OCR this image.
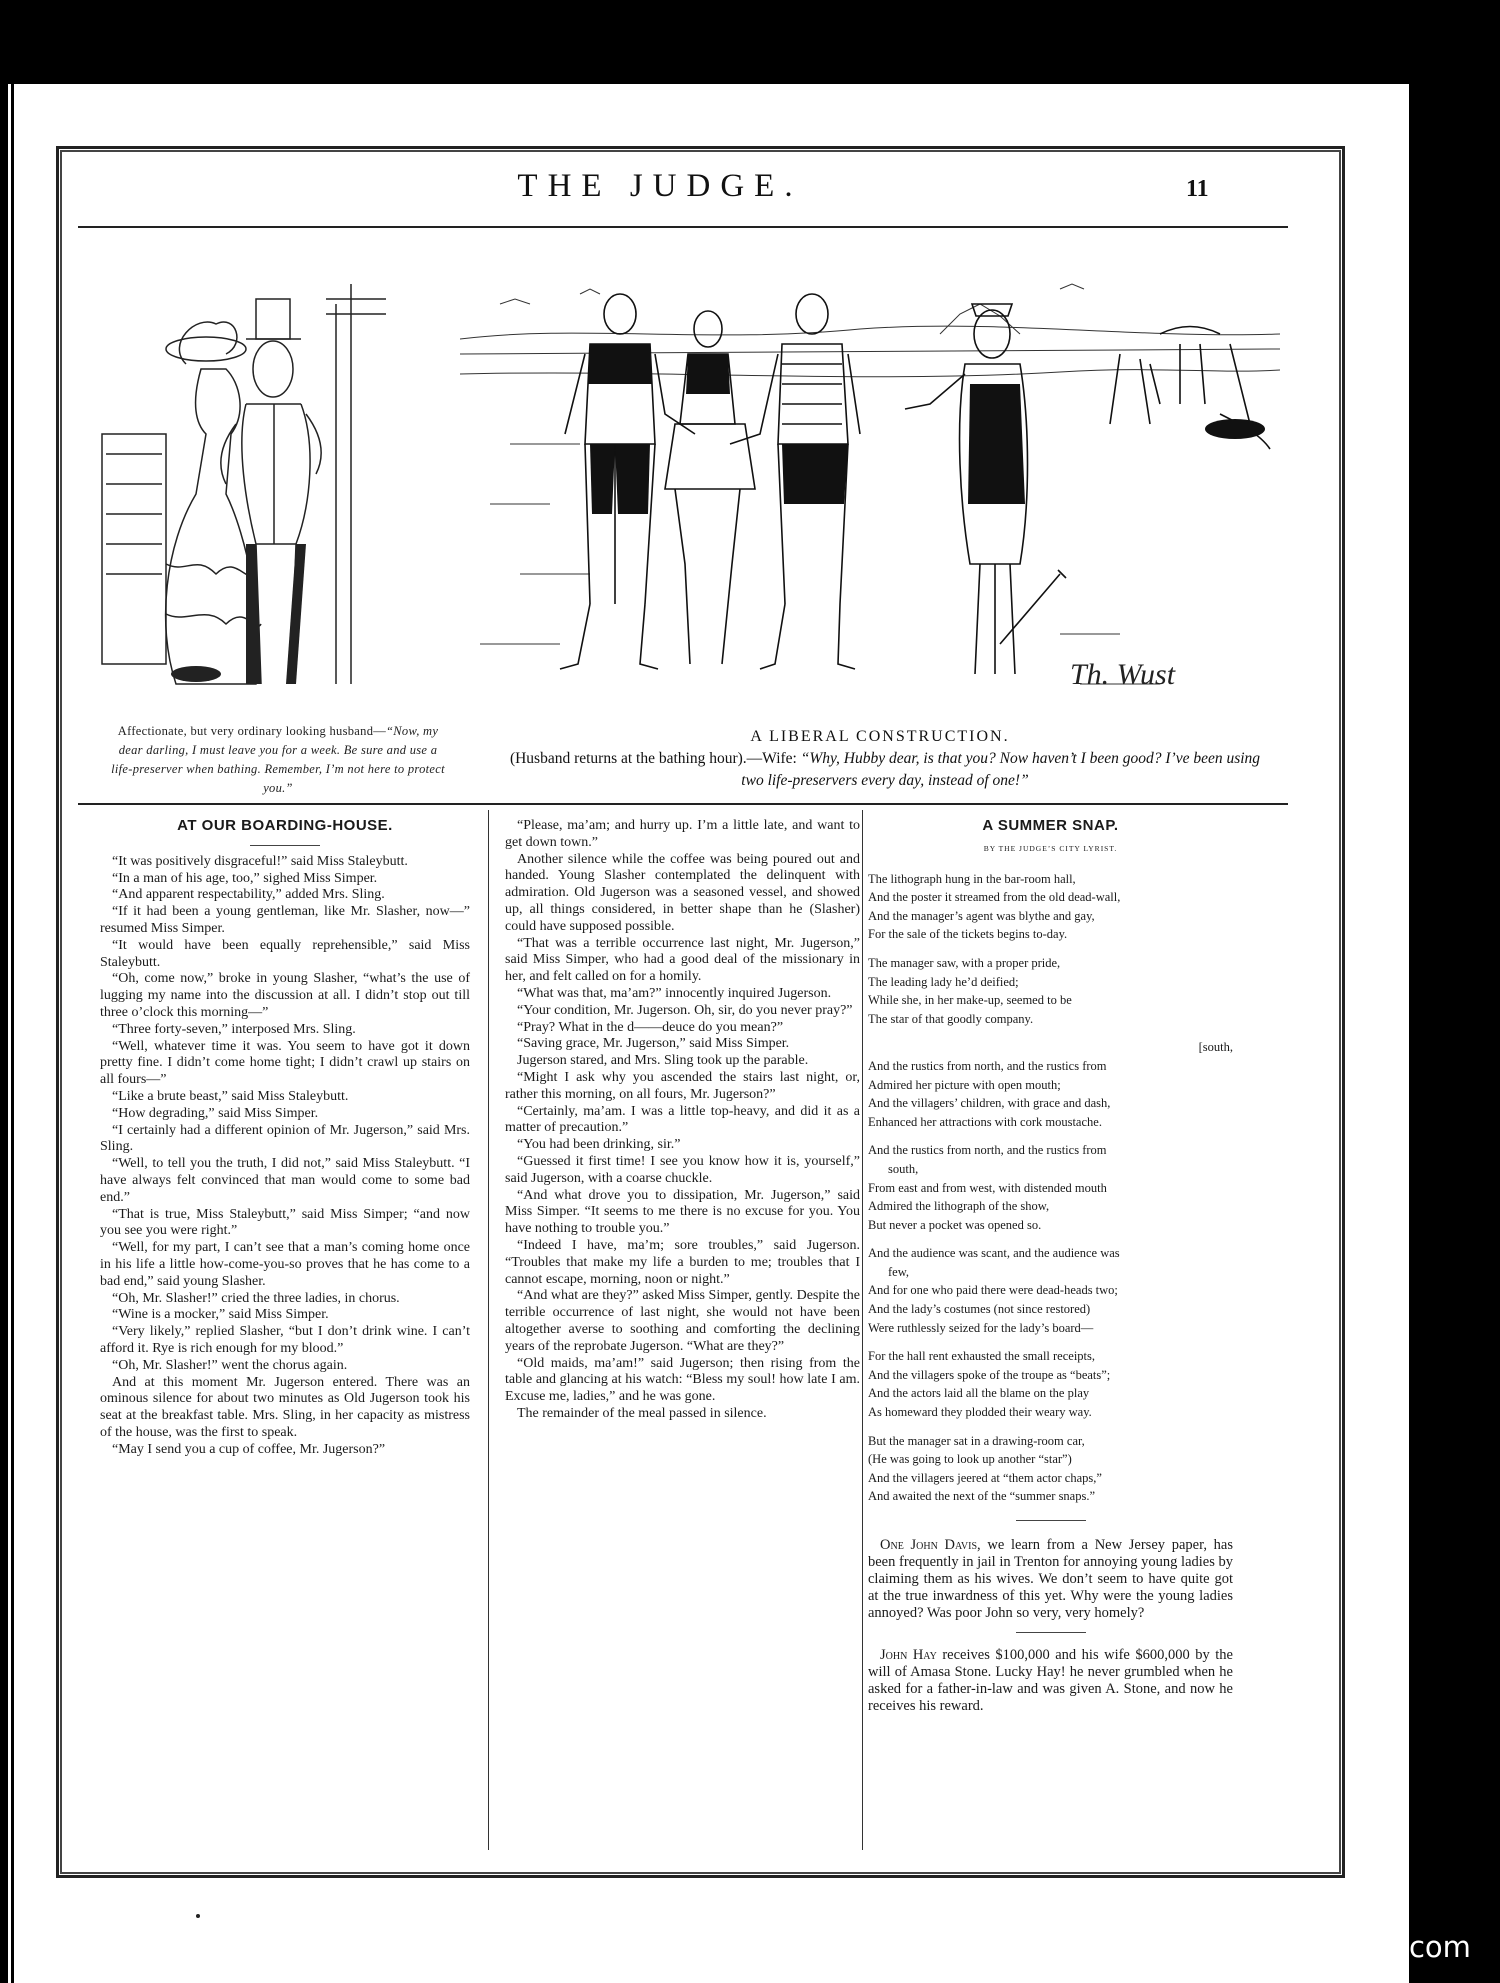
THE JUDGE.	11
Th. Wust
Affectionate, but very ordinary looking husband—“Now, my dear darling, I must leave you for a week. Be sure and use a life-preserver when bathing. Remember, I’m not here to protect you.”
A LIBERAL CONSTRUCTION.
(Husband returns at the bathing hour).—Wife: “Why, Hubby dear, is that you? Now haven’t I been good? I’ve been using two life-preservers every day, instead of one!”
AT OUR BOARDING-HOUSE.

“It was positively disgraceful!” said Miss Staleybutt.

“In a man of his age, too,” sighed Miss Simper.

“And apparent respectability,” added Mrs. Sling.

“If it had been a young gentleman, like Mr. Slasher, now—” resumed Miss Simper.

“It would have been equally reprehensible,” said Miss Staleybutt.

“Oh, come now,” broke in young Slasher, “what’s the use of lugging my name into the discussion at all. I didn’t stop out till three o’clock this morning—”

“Three forty-seven,” interposed Mrs. Sling.

“Well, whatever time it was. You seem to have got it down pretty fine. I didn’t come home tight; I didn’t crawl up stairs on all fours—”

“Like a brute beast,” said Miss Staleybutt.

“How degrading,” said Miss Simper.

“I certainly had a different opinion of Mr. Jugerson,” said Mrs. Sling.

“Well, to tell you the truth, I did not,” said Miss Staleybutt. “I have always felt convinced that man would come to some bad end.”

“That is true, Miss Staleybutt,” said Miss Simper; “and now you see you were right.”

“Well, for my part, I can’t see that a man’s coming home once in his life a little how-come-you-so proves that he has come to a bad end,” said young Slasher.

“Oh, Mr. Slasher!” cried the three ladies, in chorus.

“Wine is a mocker,” said Miss Simper.

“Very likely,” replied Slasher, “but I don’t drink wine. I can’t afford it. Rye is rich enough for my blood.”

“Oh, Mr. Slasher!” went the chorus again.

And at this moment Mr. Jugerson entered. There was an ominous silence for about two minutes as Old Jugerson took his seat at the breakfast table. Mrs. Sling, in her capacity as mistress of the house, was the first to speak.

“May I send you a cup of coffee, Mr. Jugerson?”

“Please, ma’am; and hurry up. I’m a little late, and want to get down town.”

Another silence while the coffee was being poured out and handed. Young Slasher contemplated the delinquent with admiration. Old Jugerson was a seasoned vessel, and showed up, all things considered, in better shape than he (Slasher) could have supposed possible.

“That was a terrible occurrence last night, Mr. Jugerson,” said Miss Simper, who had a good deal of the missionary in her, and felt called on for a homily.

“What was that, ma’am?” innocently inquired Jugerson.

“Your condition, Mr. Jugerson. Oh, sir, do you never pray?”

“Pray? What in the d——deuce do you mean?”

“Saving grace, Mr. Jugerson,” said Miss Simper.

Jugerson stared, and Mrs. Sling took up the parable.

“Might I ask why you ascended the stairs last night, or, rather this morning, on all fours, Mr. Jugerson?”

“Certainly, ma’am. I was a little top-heavy, and did it as a matter of precaution.”

“You had been drinking, sir.”

“Guessed it first time! I see you know how it is, yourself,” said Jugerson, with a coarse chuckle.

“And what drove you to dissipation, Mr. Jugerson,” said Miss Simper. “It seems to me there is no excuse for you. You have nothing to trouble you.”

“Indeed I have, ma’m; sore troubles,” said Jugerson. “Troubles that make my life a burden to me; troubles that I cannot escape, morning, noon or night.”

“And what are they?” asked Miss Simper, gently. Despite the terrible occurrence of last night, she would not have been altogether averse to soothing and comforting the declining years of the reprobate Jugerson. “What are they?”

“Old maids, ma’am!” said Jugerson; then rising from the table and glancing at his watch: “Bless my soul! how late I am. Excuse me, ladies,” and he was gone.

The remainder of the meal passed in silence.

A SUMMER SNAP.
BY THE JUDGE’S CITY LYRIST.
The lithograph hung in the bar-room hall,
And the poster it streamed from the old dead-wall,
And the manager’s agent was blythe and gay,
For the sale of the tickets begins to-day.
The manager saw, with a proper pride,
The leading lady he’d deified;
While she, in her make-up, seemed to be
The star of that goodly company.
[south,
And the rustics from north, and the rustics from
Admired her picture with open mouth;
And the villagers’ children, with grace and dash,
Enhanced her attractions with cork moustache.
And the rustics from north, and the rustics from
south,
From east and from west, with distended mouth
Admired the lithograph of the show,
But never a pocket was opened so.
And the audience was scant, and the audience was
few,
And for one who paid there were dead-heads two;
And the lady’s costumes (not since restored)
Were ruthlessly seized for the lady’s board—
For the hall rent exhausted the small receipts,
And the villagers spoke of the troupe as “beats”;
And the actors laid all the blame on the play
As homeward they plodded their weary way.
But the manager sat in a drawing-room car,
(He was going to look up another “star”)
And the villagers jeered at “them actor chaps,”
And awaited the next of the “summer snaps.”

One John Davis, we learn from a New Jersey paper, has been frequently in jail in Trenton for annoying young ladies by claiming them as his wives. We don’t seem to have quite got at the true inwardness of this yet. Why were the young ladies annoyed? Was poor John so very, very homely?

John Hay receives $100,000 and his wife $600,000 by the will of Amasa Stone. Lucky Hay! he never grumbled when he asked for a father-in-law and was given A. Stone, and now he receives his reward.

comicbooks.com
